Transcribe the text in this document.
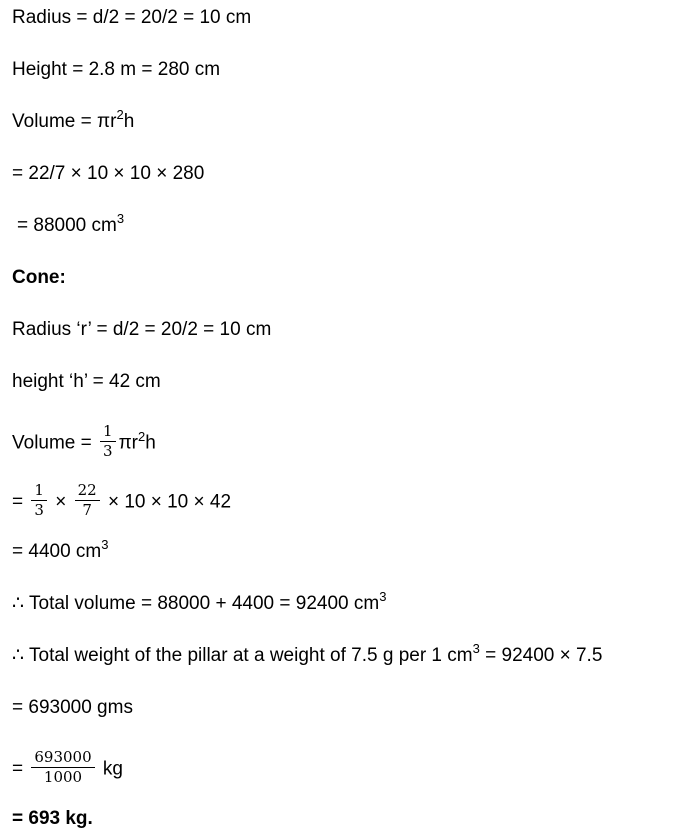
Radius = d/2 = 20/2 = 10 cm
Height = 2.8 m = 280 cm
Volume = πr2h
= 22/7 × 10 × 10 × 280
= 88000 cm3
Cone:
Radius ‘r’ = d/2 = 20/2 = 10 cm
height ‘h’ = 42 cm
Volume = $\frac{1}{3} \pi r2h$
= $\frac{1}{3} \times \frac{22}{7} \times 10 \times 10 \times 42$
= 4400 cm3
∴ Total volume = 88000 + 4400 = 92400 cm3
∴ Total weight of the pillar at a weight of 7.5 g per 1 cm3 = 92400 × 7.5
= 693000 gms
= $\frac{693000}{1000}$ kg
= 693 kg.
